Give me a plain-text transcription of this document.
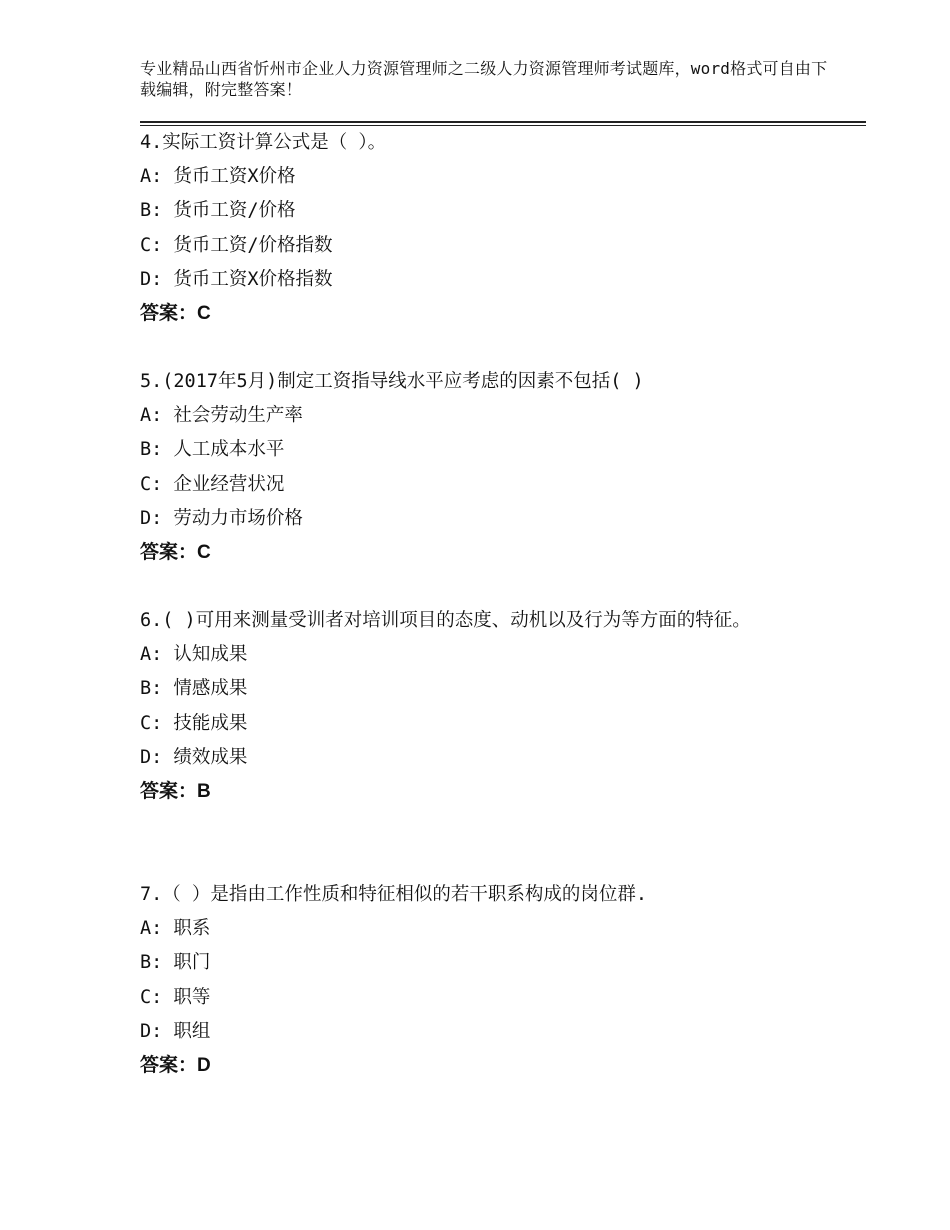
专业精品山西省忻州市企业人力资源管理师之二级人力资源管理师考试题库，word格式可自由下载编辑，附完整答案！
4.实际工资计算公式是（ ）。
A: 货币工资X价格
B: 货币工资/价格
C: 货币工资/价格指数
D: 货币工资X价格指数
答案：C
5.(2017年5月)制定工资指导线水平应考虑的因素不包括( )
A: 社会劳动生产率
B: 人工成本水平
C: 企业经营状况
D: 劳动力市场价格
答案：C
6.( )可用来测量受训者对培训项目的态度、动机以及行为等方面的特征。
A: 认知成果
B: 情感成果
C: 技能成果
D: 绩效成果
答案：B
7.（ ）是指由工作性质和特征相似的若干职系构成的岗位群.
A: 职系
B: 职门
C: 职等
D: 职组
答案：D
